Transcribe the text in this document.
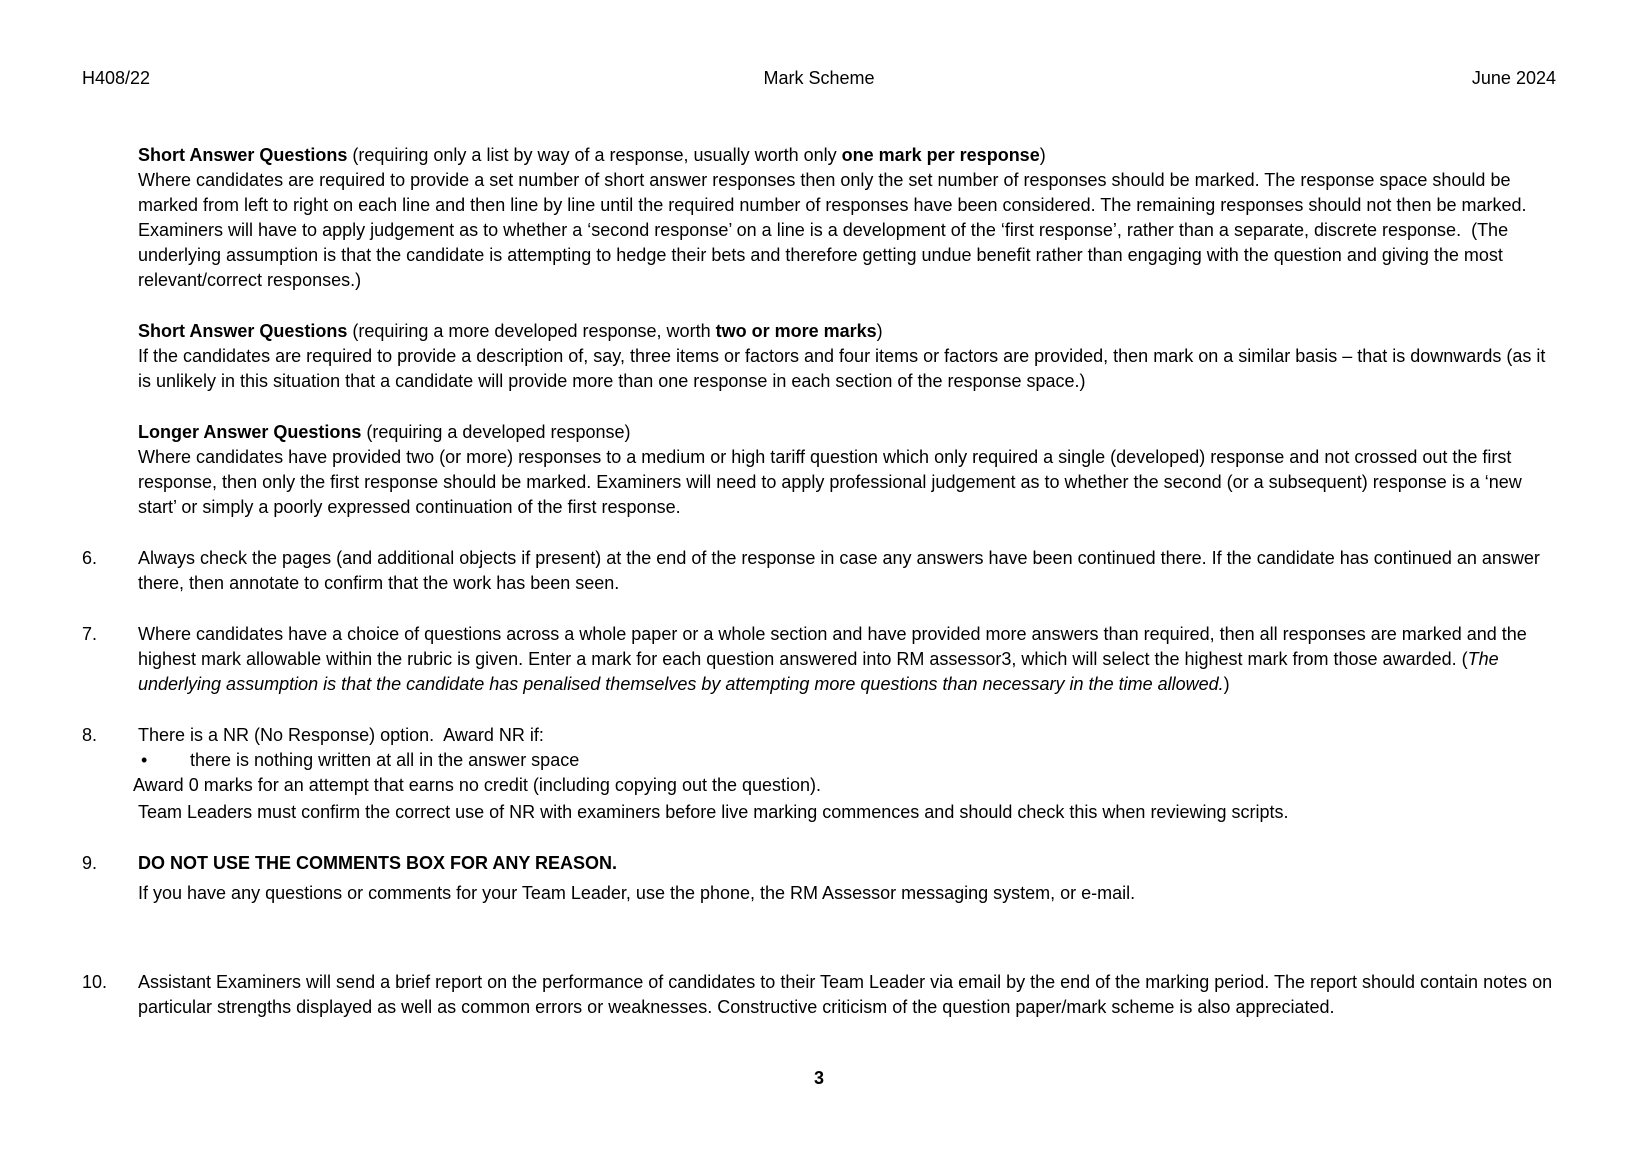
H408/22	Mark Scheme	June 2024

Short Answer Questions (requiring only a list by way of a response, usually worth only one mark per response)

Where candidates are required to provide a set number of short answer responses then only the set number of responses should be marked. The response space should be marked from left to right on each line and then line by line until the required number of responses have been considered. The remaining responses should not then be marked. Examiners will have to apply judgement as to whether a ‘second response’ on a line is a development of the ‘first response’, rather than a separate, discrete response.  (The underlying assumption is that the candidate is attempting to hedge their bets and therefore getting undue benefit rather than engaging with the question and giving the most relevant/correct responses.)

Short Answer Questions (requiring a more developed response, worth two or more marks)

If the candidates are required to provide a description of, say, three items or factors and four items or factors are provided, then mark on a similar basis – that is downwards (as it is unlikely in this situation that a candidate will provide more than one response in each section of the response space.)

Longer Answer Questions (requiring a developed response)

Where candidates have provided two (or more) responses to a medium or high tariff question which only required a single (developed) response and not crossed out the first response, then only the first response should be marked. Examiners will need to apply professional judgement as to whether the second (or a subsequent) response is a ‘new start’ or simply a poorly expressed continuation of the first response.

6.	Always check the pages (and additional objects if present) at the end of the response in case any answers have been continued there. If the candidate has continued an answer there, then annotate to confirm that the work has been seen.

7.	Where candidates have a choice of questions across a whole paper or a whole section and have provided more answers than required, then all responses are marked and the highest mark allowable within the rubric is given. Enter a mark for each question answered into RM assessor3, which will select the highest mark from those awarded. (The underlying assumption is that the candidate has penalised themselves by attempting more questions than necessary in the time allowed.)

8.	There is a NR (No Response) option.  Award NR if:

• there is nothing written at all in the answer space

Award 0 marks for an attempt that earns no credit (including copying out the question).

Team Leaders must confirm the correct use of NR with examiners before live marking commences and should check this when reviewing scripts.

9.	DO NOT USE THE COMMENTS BOX FOR ANY REASON.

If you have any questions or comments for your Team Leader, use the phone, the RM Assessor messaging system, or e-mail.

10.	Assistant Examiners will send a brief report on the performance of candidates to their Team Leader via email by the end of the marking period. The report should contain notes on particular strengths displayed as well as common errors or weaknesses. Constructive criticism of the question paper/mark scheme is also appreciated.

3
